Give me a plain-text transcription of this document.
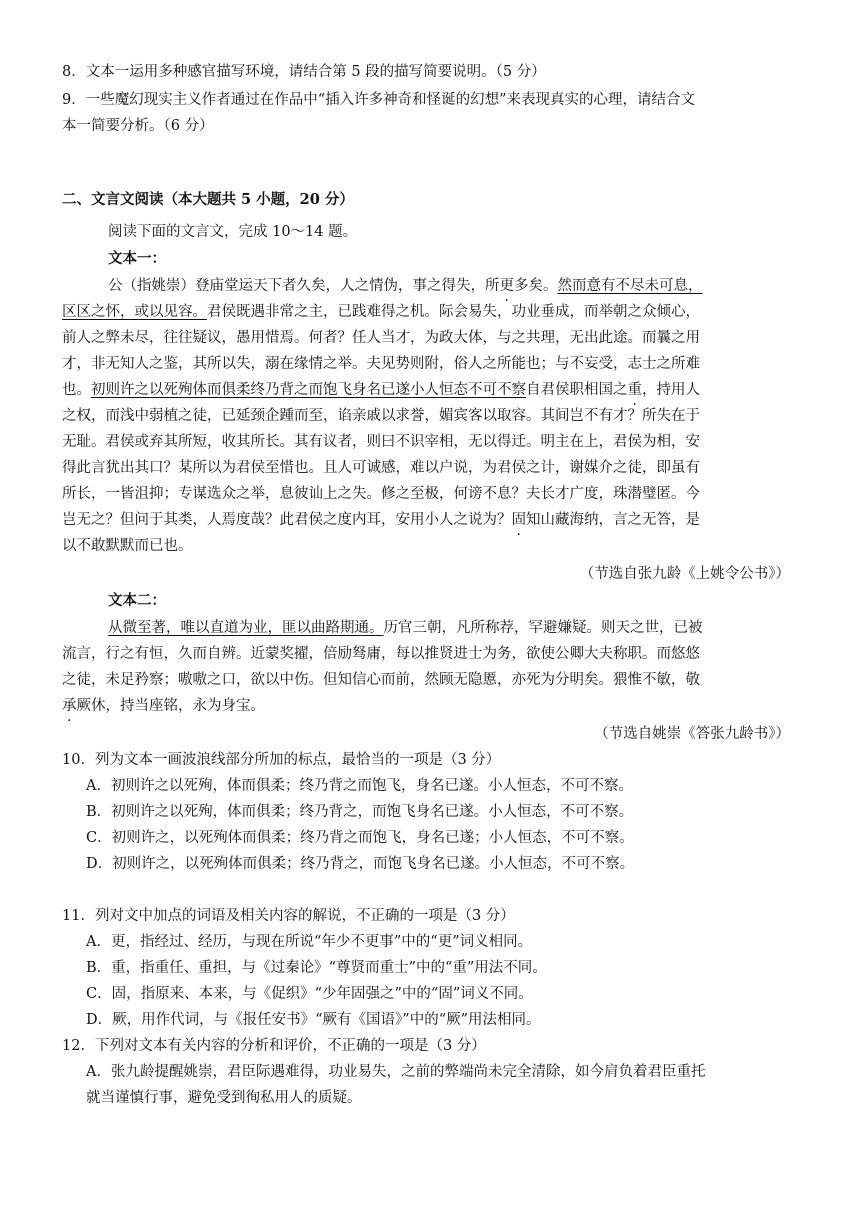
8．文本一运用多种感官描写环境，请结合第 5 段的描写简要说明。（5 分）
9．一些魔幻现实主义作者通过在作品中“插入许多神奇和怪诞的幻想”来表现真实的心理，请结合文
本一简要分析。（6 分）
二、文言文阅读（本大题共 5 小题，20 分）
阅读下面的文言文，完成 10～14 题。
文本一：
公（指姚崇）登庙堂运天下者久矣，人之情伪，事之得失，所更多矣。然而意有不尽未可息，
区区之怀，或以见容。君侯既遇非常之主，已践难得之机。际会易失，功业垂成，而举朝之众倾心，
前人之弊未尽，往往疑议，愚用惜焉。何者？任人当才，为政大体，与之共理，无出此途。而曩之用
才，非无知人之鉴，其所以失，溺在缘情之举。夫见势则附，俗人之所能也；与不妄受，志士之所难
也。初则许之以死殉体而俱柔终乃背之而饱飞身名已遂小人恒态不可不察自君侯职相国之重，持用人
之权，而浅中弱植之徒，已延颈企踵而至，谄亲戚以求誉，媚宾客以取容。其间岂不有才？所失在于
无耻。君侯或弃其所短，收其所长。其有议者，则曰不识宰相，无以得迁。明主在上，君侯为相，安
得此言犹出其口？某所以为君侯至惜也。且人可诚感，难以户说，为君侯之计，谢媒介之徒，即虽有
所长，一皆沮抑；专谋选众之举，息彼讪上之失。修之至极，何谤不息？夫长才广度，珠潜璧匿。今
岂无之？但问于其类，人焉度哉？此君侯之度内耳，安用小人之说为？固知山藏海纳，言之无答，是
以不敢默默而已也。
（节选自张九龄《上姚令公书》）
文本二：
从微至著，唯以直道为业，匪以曲路期通。历官三朝，凡所称荐，罕避嫌疑。则天之世，已被
流言，行之有恒，久而自辨。近蒙奖擢，倍励驽庸，每以推贤进士为务，欲使公卿大夫称职。而悠悠
之徒，未足矜察；嗷嗷之口，欲以中伤。但知信心而前，然顾无隐慝，亦死为分明矣。猥惟不敏，敬
承厥休，持当座铭，永为身宝。
（节选自姚崇《答张九龄书》）
10．列为文本一画波浪线部分所加的标点，最恰当的一项是（3 分）
A．初则许之以死殉，体而俱柔；终乃背之而饱飞，身名已遂。小人恒态，不可不察。
B．初则许之以死殉，体而俱柔；终乃背之，而饱飞身名已遂。小人恒态，不可不察。
C．初则许之，以死殉体而俱柔；终乃背之而饱飞，身名已遂；小人恒态，不可不察。
D．初则许之，以死殉体而俱柔；终乃背之，而饱飞身名已遂。小人恒态，不可不察。
11．列对文中加点的词语及相关内容的解说，不正确的一项是（3 分）
A．更，指经过、经历，与现在所说“年少不更事”中的“更”词义相同。
B．重，指重任、重担，与《过秦论》“尊贤而重士”中的“重”用法不同。
C．固，指原来、本来，与《促织》“少年固强之”中的“固”词义不同。
D．厥，用作代词，与《报任安书》“厥有《国语》”中的“厥”用法相同。
12．下列对文本有关内容的分析和评价，不正确的一项是（3 分）
A．张九龄提醒姚崇，君臣际遇难得，功业易失，之前的弊端尚未完全清除，如今肩负着君臣重托
就当谨慎行事，避免受到徇私用人的质疑。
